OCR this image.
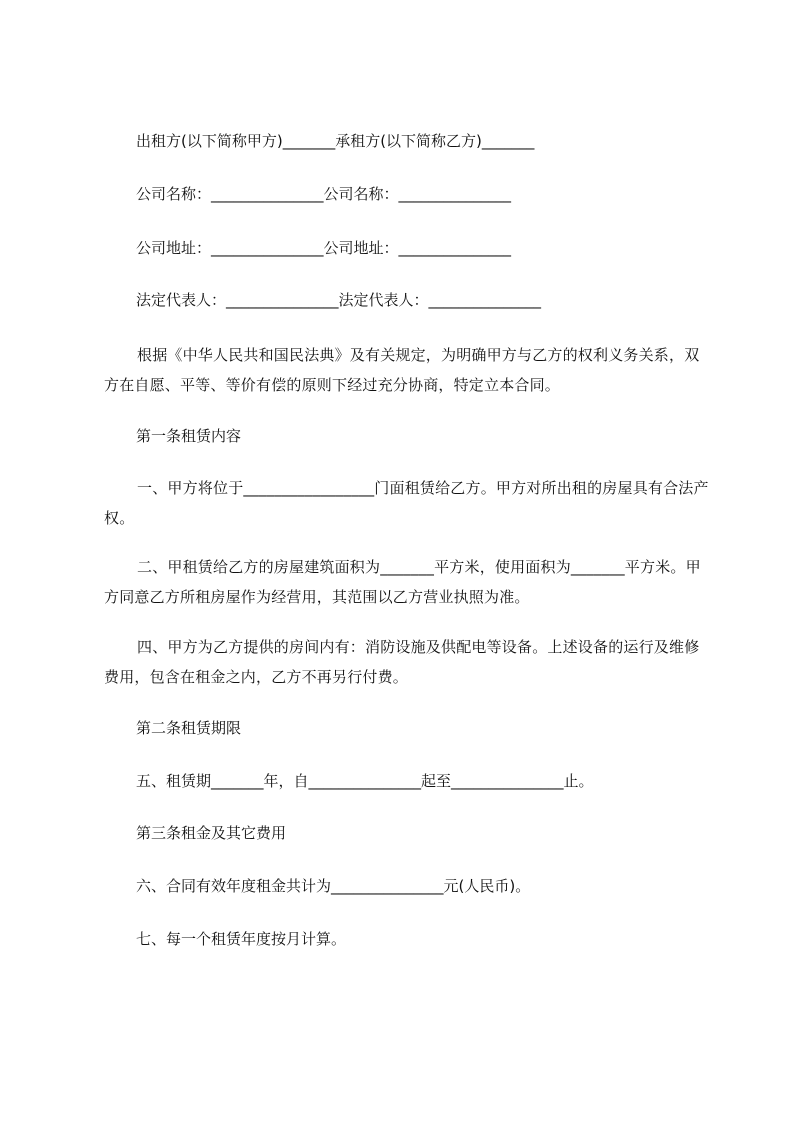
出租方(以下简称甲方)_______承租方(以下简称乙方)_______

公司名称：_______________公司名称：_______________

公司地址：_______________公司地址：_______________

法定代表人：_______________法定代表人：_______________

根据《中华人民共和国民法典》及有关规定，为明确甲方与乙方的权利义务关系，双方在自愿、平等、等价有偿的原则下经过充分协商，特定立本合同。

第一条租赁内容

一、甲方将位于_________________门面租赁给乙方。甲方对所出租的房屋具有合法产权。

二、甲租赁给乙方的房屋建筑面积为_______平方米，使用面积为_______平方米。甲方同意乙方所租房屋作为经营用，其范围以乙方营业执照为准。

四、甲方为乙方提供的房间内有：消防设施及供配电等设备。上述设备的运行及维修费用，包含在租金之内，乙方不再另行付费。

第二条租赁期限

五、租赁期_______年，自_______________起至_______________止。

第三条租金及其它费用

六、合同有效年度租金共计为_______________元(人民币)。

七、每一个租赁年度按月计算。
